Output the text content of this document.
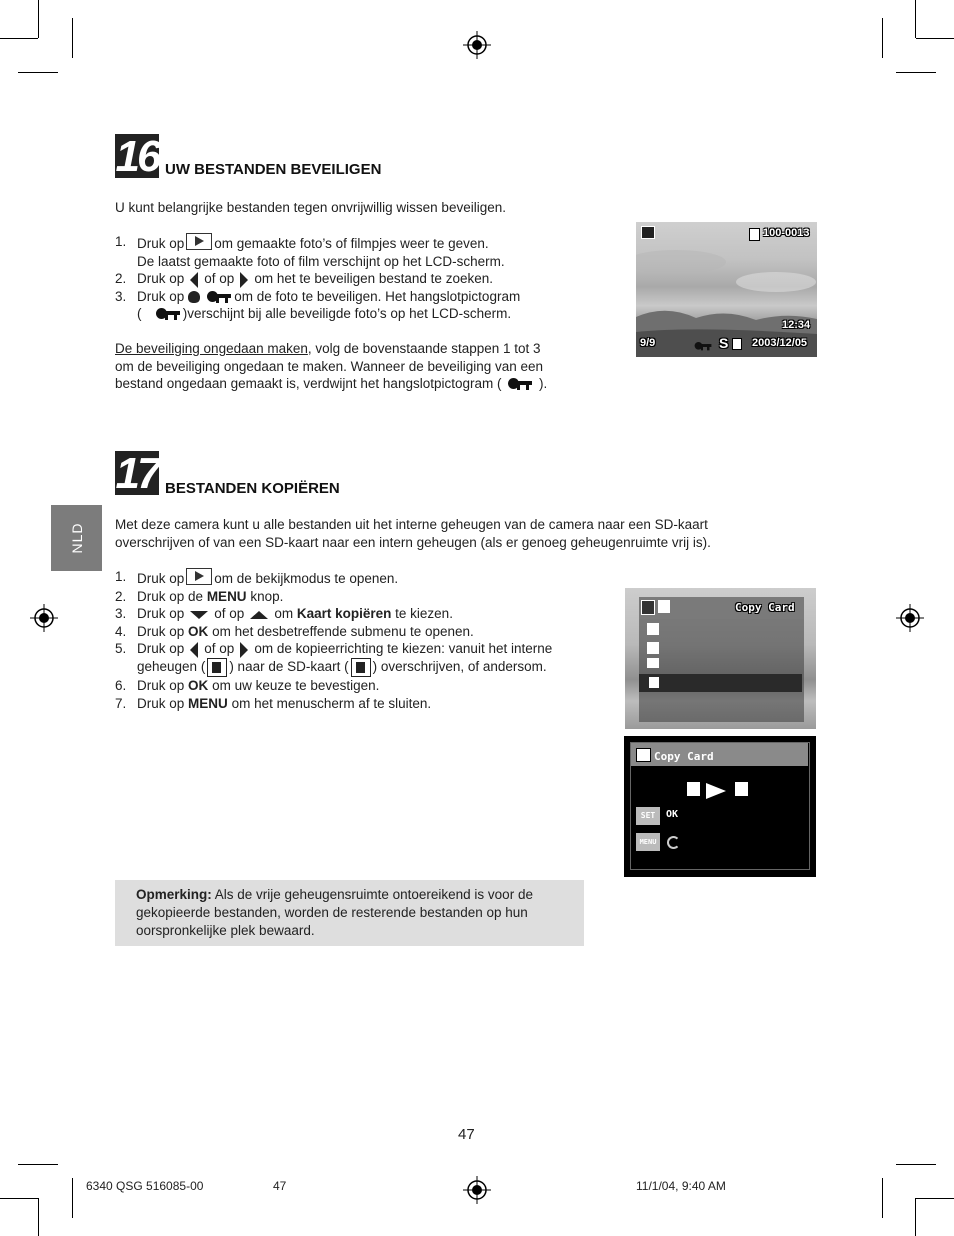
16 UW BESTANDEN BEVEILIGEN
U kunt belangrijke bestanden tegen onvrijwillig wissen beveiligen.
1. Druk op om gemaakte foto’s of filmpjes weer te geven.
De laatst gemaakte foto of film verschijnt op het LCD-scherm.
2. Druk op of op om het te beveiligen bestand te zoeken.
3. Druk op	om de foto te beveiligen. Het hangslotpictogram
(	)verschijnt bij alle beveiligde foto’s op het LCD-scherm.
De beveiliging ongedaan maken, volg de bovenstaande stappen 1 tot 3
om de beveiliging ongedaan te maken. Wanneer de beveiliging van een
bestand ongedaan gemaakt is, verdwijnt het hangslotpictogram (	).
100-0013
12:34
9/9	S 2003/12/05
17 BESTANDEN KOPIËREN
Met deze camera kunt u alle bestanden uit het interne geheugen van de camera naar een SD-kaart
overschrijven of van een SD-kaart naar een intern geheugen (als er genoeg geheugenruimte vrij is).
NLD
1. Druk op om de bekijkmodus te openen.
2. Druk op de MENU knop.
3. Druk op of op om Kaart kopiëren te kiezen.
4. Druk op OK om het desbetreffende submenu te openen.
5. Druk op of op om de kopieerrichting te kiezen: vanuit het interne
geheugen ( ) naar de SD-kaart ( ) overschrijven, of andersom.
6. Druk op OK om uw keuze te bevestigen.
7. Druk op MENU om het menuscherm af te sluiten.
Copy Card
Copy Card
SET	OK
MENU

Opmerking: Als de vrije geheugensruimte ontoereikend is voor de gekopieerde bestanden, worden de resterende bestanden op hun oorspronkelijke plek bewaard.

47
6340 QSG 516085-00	47	11/1/04, 9:40 AM
